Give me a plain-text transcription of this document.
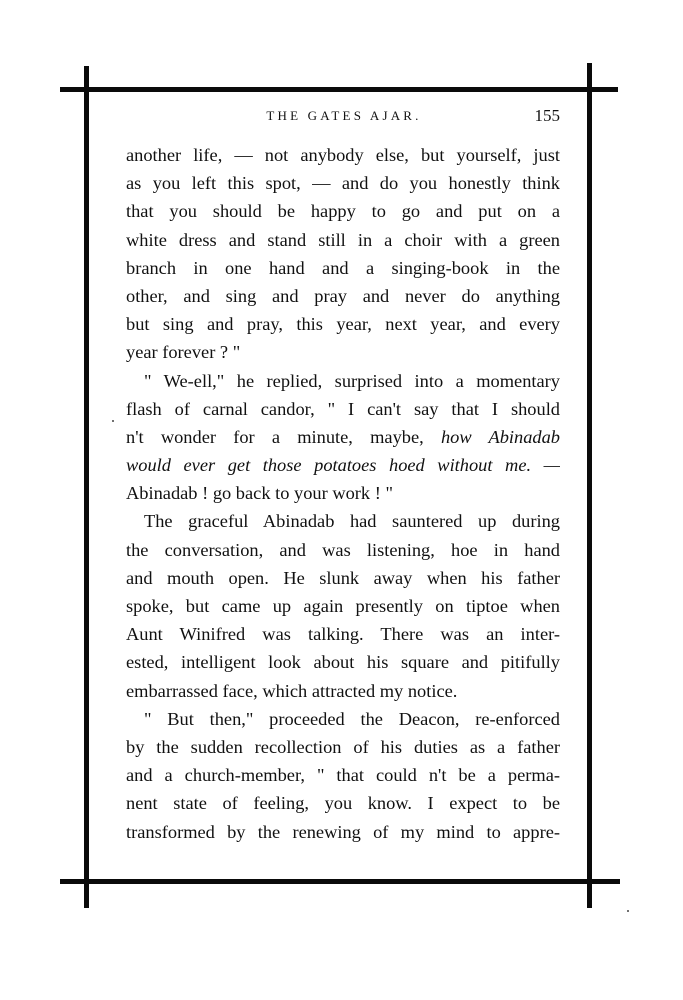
THE GATES AJAR.	155
another life, — not anybody else, but yourself, just
as you left this spot, — and do you honestly think
that you should be happy to go and put on a
white dress and stand still in a choir with a green
branch in one hand and a singing-book in the
other, and sing and pray and never do anything
but sing and pray, this year, next year, and every
year forever ? "
" We-ell," he replied, surprised into a momentary
flash of carnal candor, " I can't say that I should
n't wonder for a minute, maybe, how Abinadab
would ever get those potatoes hoed without me. —
Abinadab ! go back to your work ! "
The graceful Abinadab had sauntered up during
the conversation, and was listening, hoe in hand
and mouth open. He slunk away when his father
spoke, but came up again presently on tiptoe when
Aunt Winifred was talking. There was an inter-
ested, intelligent look about his square and pitifully
embarrassed face, which attracted my notice.
" But then," proceeded the Deacon, re-enforced
by the sudden recollection of his duties as a father
and a church-member, " that could n't be a perma-
nent state of feeling, you know. I expect to be
transformed by the renewing of my mind to appre-
